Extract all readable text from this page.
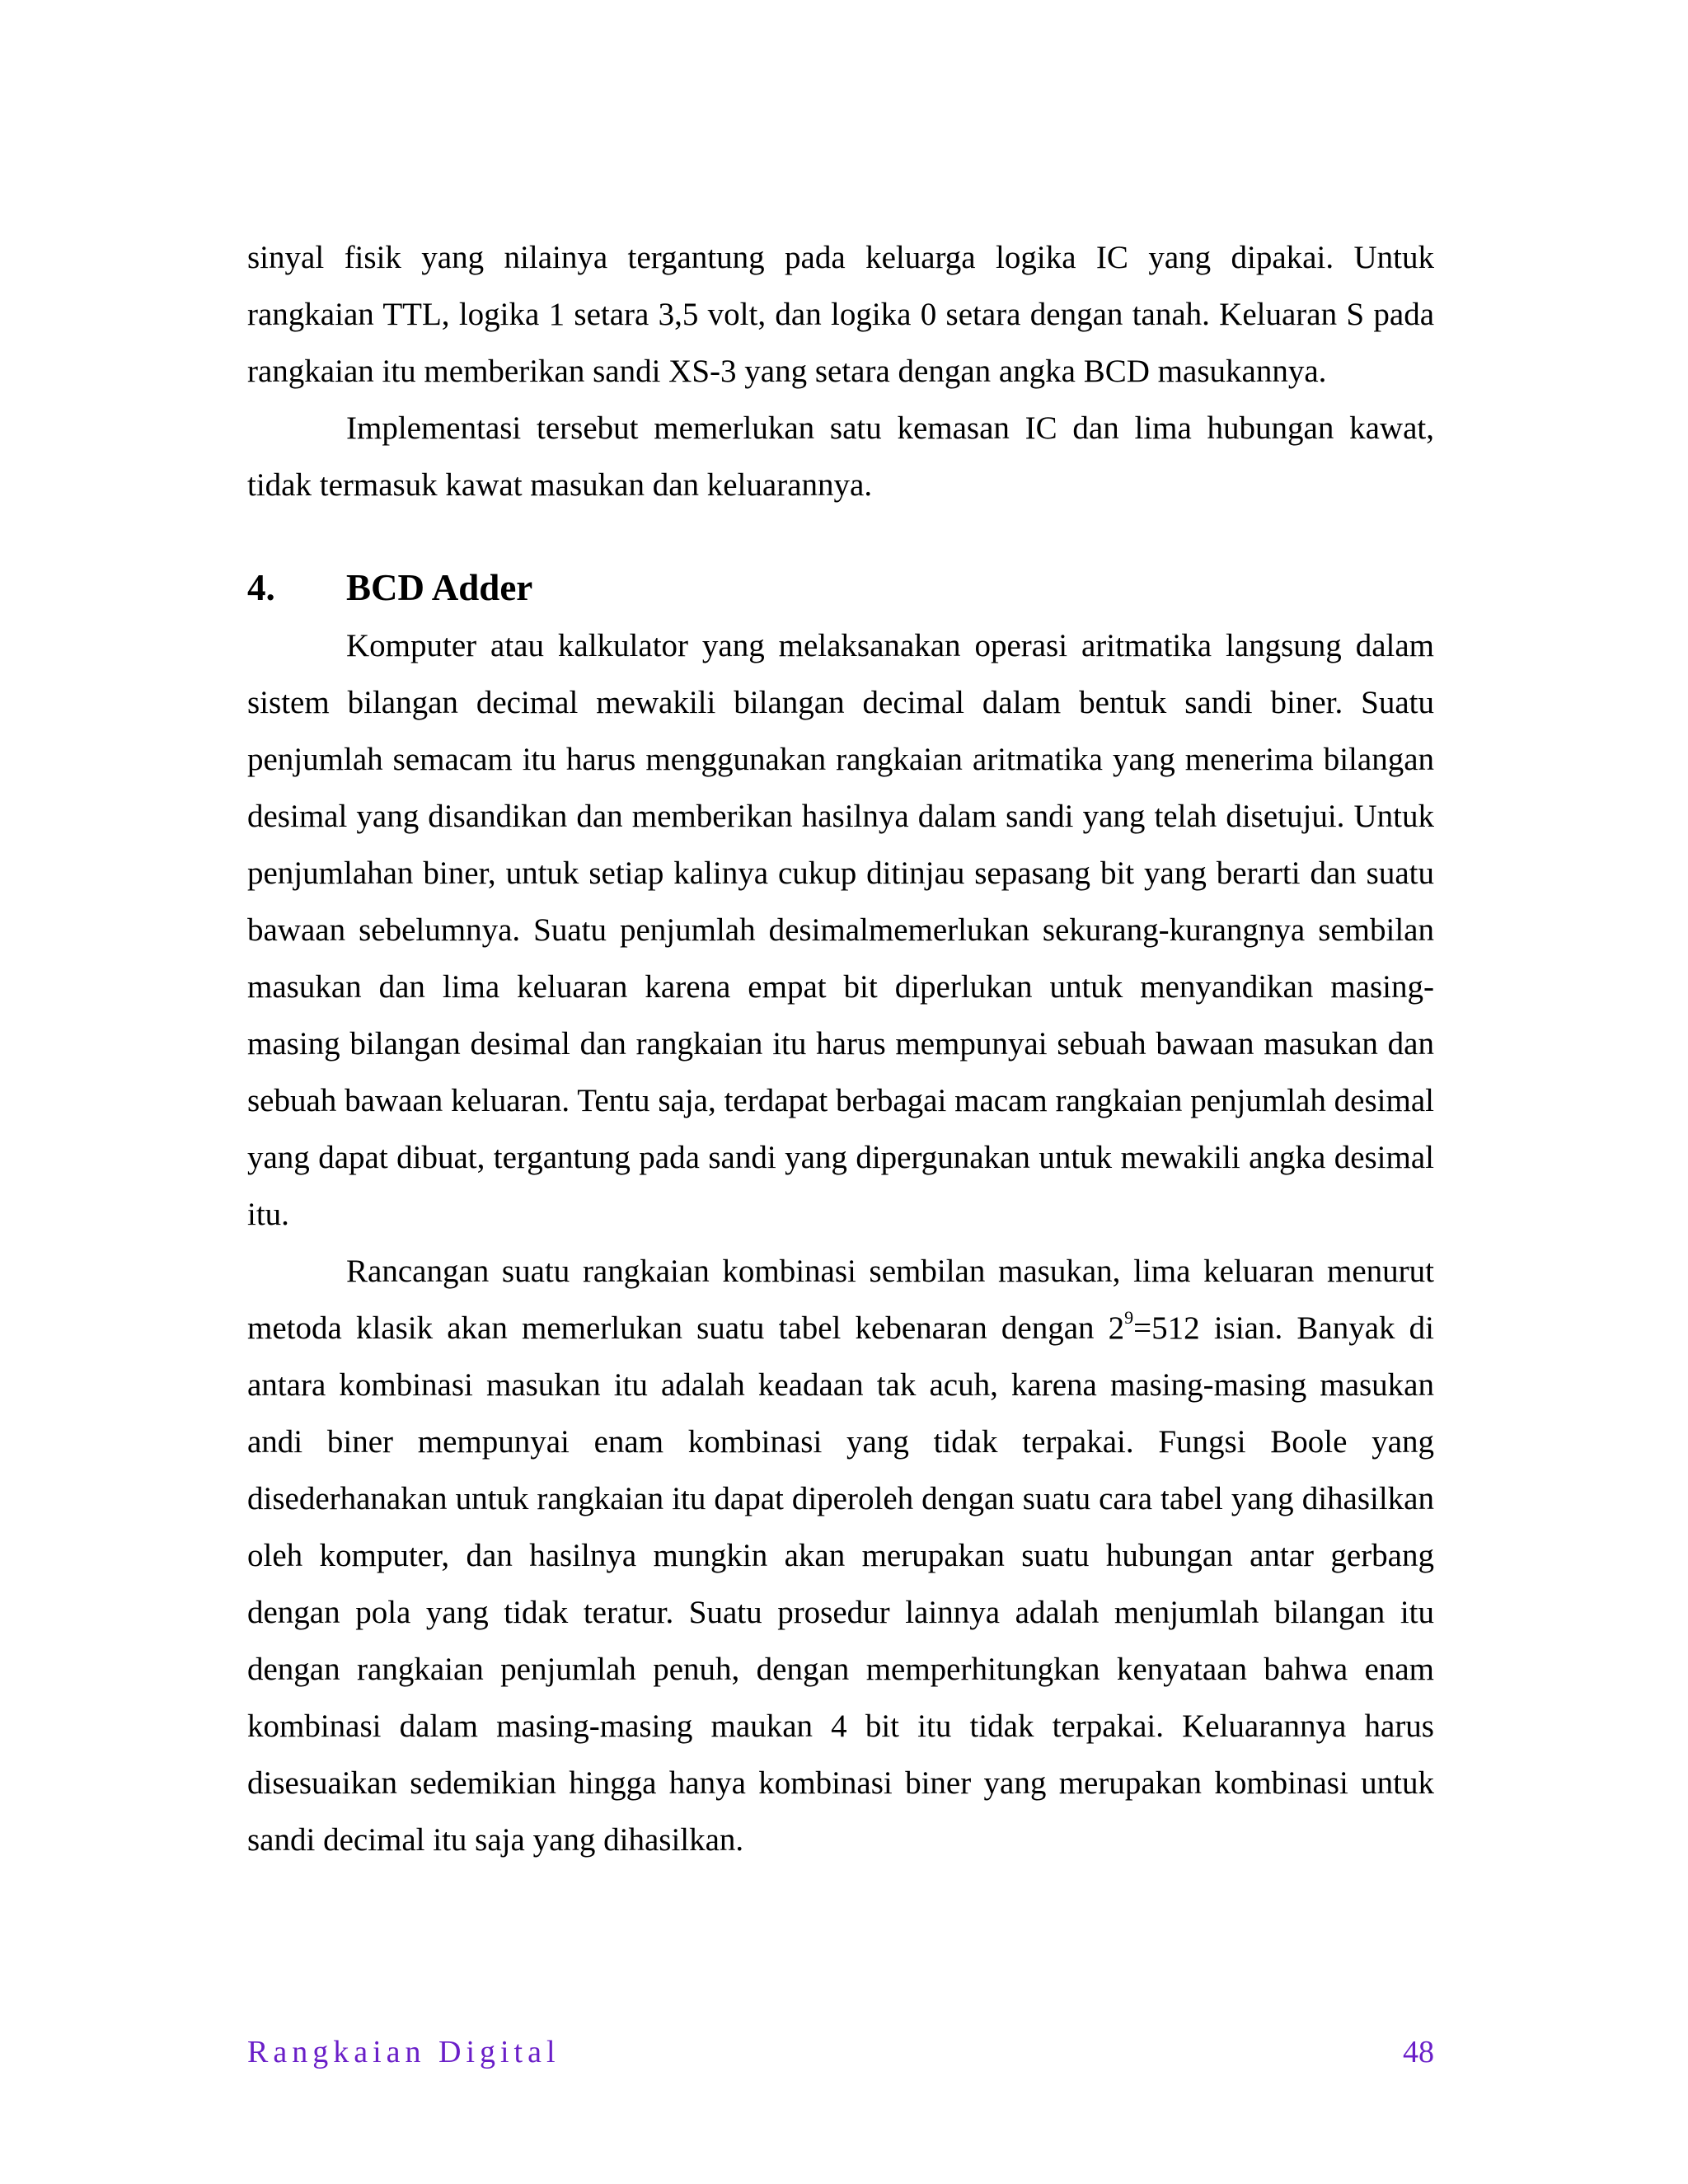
sinyal fisik yang nilainya tergantung pada keluarga logika IC yang dipakai. Untuk rangkaian TTL, logika 1 setara 3,5 volt, dan logika 0 setara dengan tanah. Keluaran S pada rangkaian itu memberikan sandi XS-3 yang setara dengan angka BCD masukannya.

Implementasi tersebut memerlukan satu kemasan IC dan lima hubungan kawat, tidak termasuk kawat masukan dan keluarannya.

4. BCD Adder

Komputer atau kalkulator yang melaksanakan operasi aritmatika langsung dalam sistem bilangan decimal mewakili bilangan decimal dalam bentuk sandi biner. Suatu penjumlah semacam itu harus menggunakan rangkaian aritmatika yang menerima bilangan desimal yang disandikan dan memberikan hasilnya dalam sandi yang telah disetujui. Untuk penjumlahan biner, untuk setiap kalinya cukup ditinjau sepasang bit yang berarti dan suatu bawaan sebelumnya. Suatu penjumlah desimalmemerlukan sekurang-kurangnya sembilan masukan dan lima keluaran karena empat bit diperlukan untuk menyandikan masing-masing bilangan desimal dan rangkaian itu harus mempunyai sebuah bawaan masukan dan sebuah bawaan keluaran. Tentu saja, terdapat berbagai macam rangkaian penjumlah desimal yang dapat dibuat, tergantung pada sandi yang dipergunakan untuk mewakili angka desimal itu.

Rancangan suatu rangkaian kombinasi sembilan masukan, lima keluaran menurut metoda klasik akan memerlukan suatu tabel kebenaran dengan $2^9=512$ isian. Banyak di antara kombinasi masukan itu adalah keadaan tak acuh, karena masing-masing masukan andi biner mempunyai enam kombinasi yang tidak terpakai. Fungsi Boole yang disederhanakan untuk rangkaian itu dapat diperoleh dengan suatu cara tabel yang dihasilkan oleh komputer, dan hasilnya mungkin akan merupakan suatu hubungan antar gerbang dengan pola yang tidak teratur. Suatu prosedur lainnya adalah menjumlah bilangan itu dengan rangkaian penjumlah penuh, dengan memperhitungkan kenyataan bahwa enam kombinasi dalam masing-masing maukan 4 bit itu tidak terpakai. Keluarannya harus disesuaikan sedemikian hingga hanya kombinasi biner yang merupakan kombinasi untuk sandi decimal itu saja yang dihasilkan.

Rangkaian Digital	48
